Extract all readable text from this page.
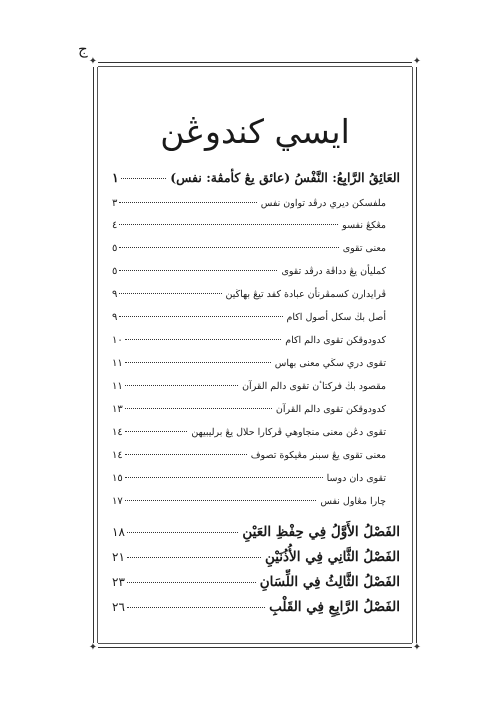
ج
✦	✦
✦	✦
ايسي كندوڠن
العَائِقُ الرَّابِعُ: النَّفْسُ (عائق يڠ كأمڤة: نفس)
١
ملفسكن ديري درڤد تواون نفس
٣
مڠكڠ نفسو
٤
معنى تقوى
٥
كمليأن يڠ دداڤة درڤد تقوى
٥
ڤرايدارن كسمڤرنأن عبادة كفد تيڠ بهاڬين
٩
أصل بڬ سكل أصول اكام
٩
كدودوقكن تقوى دالم اكام
١٠
تقوى دري سڬي معنى بهاس
١١
مقصود بڬ فركتاٴن تقوى دالم القرآن
١١
كدودوقكن تقوى دالم القرآن
١٣
تقوى دڠن معنى منجاوهي ڤركارا حلال يڠ برليبيهن
١٤
معنى تقوى يڠ سبنر مڠيكوة تصوف
١٤
تقوى دان دوسا
١٥
چارا مڠاول نفس
١٧
الفَصْلُ الأَوَّلُ فِي حِفْظِ العَيْنِ
١٨
الفَصْلُ الثَّانِي فِي الأُذُنَيْنِ
٢١
الفَصْلُ الثَّالِثُ فِي اللِّسَانِ
٢٣
الفَصْلُ الرَّابِعِ فِي القَلْبِ
٢٦
